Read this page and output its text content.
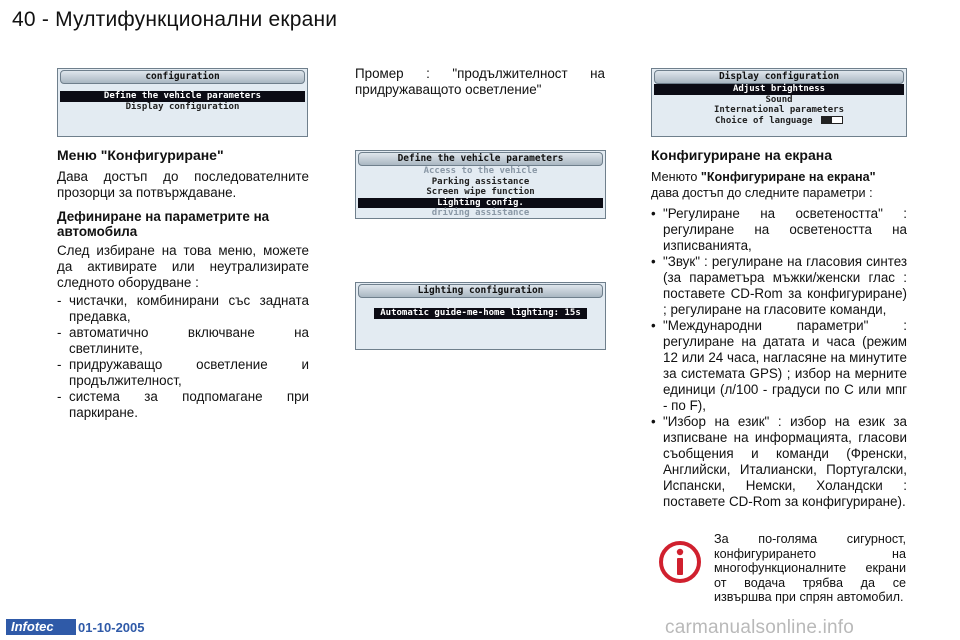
40 - Мултифункционални екрани
configuration
Define the vehicle parameters
Display configuration
Меню "Конфигуриране"

Дава достъп до последователните прозорци за потвърждаване.

Дефиниране на параметрите на автомобила

След избиране на това меню, можете да активирате или неутрализирате следното оборудване :

- чистачки, комбинирани със задната предавка,
- автоматично включване на светлините,
- придружаващо осветление и продължителност,
- система за подпомагане при паркиране.
Промер : "продължителност на придружаващото осветление"
Define the vehicle parameters
Access to the vehicle
Parking assistance
Screen wipe function
Lighting config.
driving assistance
Lighting configuration
Automatic guide-me-home lighting: 15s
Display configuration
Adjust brightness
Sound
International parameters
Choice of language
Конфигуриране на екрана

Менюто "Конфигуриране на екрана" дава достъп до следните параметри :

• "Регулиране на осветеността" : регулиране на осветеността на изписванията,
• "Звук" : регулиране на гласовия синтез (за параметъра мъжки/женски глас : поставете CD-Rom за конфигуриране) ; регулиране на гласовите команди,
• "Международни параметри" : регулиране на датата и часа (режим 12 или 24 часа, нагласяне на минутите за системата GPS) ; избор на мерните единици (л/100 - градуси по C или мпг - по F),
• "Избор на език" : избор на език за изписване на информацията, гласови съобщения и команди (Френски, Английски, Италиански, Португалски, Испански, Немски, Холандски : поставете CD-Rom за конфигуриране).
За по-голяма сигурност, конфигурирането на многофункционалните екрани от водача трябва да се извършва при спрян автомобил.
Infotec	01-10-2005	carmanualsonline.info
